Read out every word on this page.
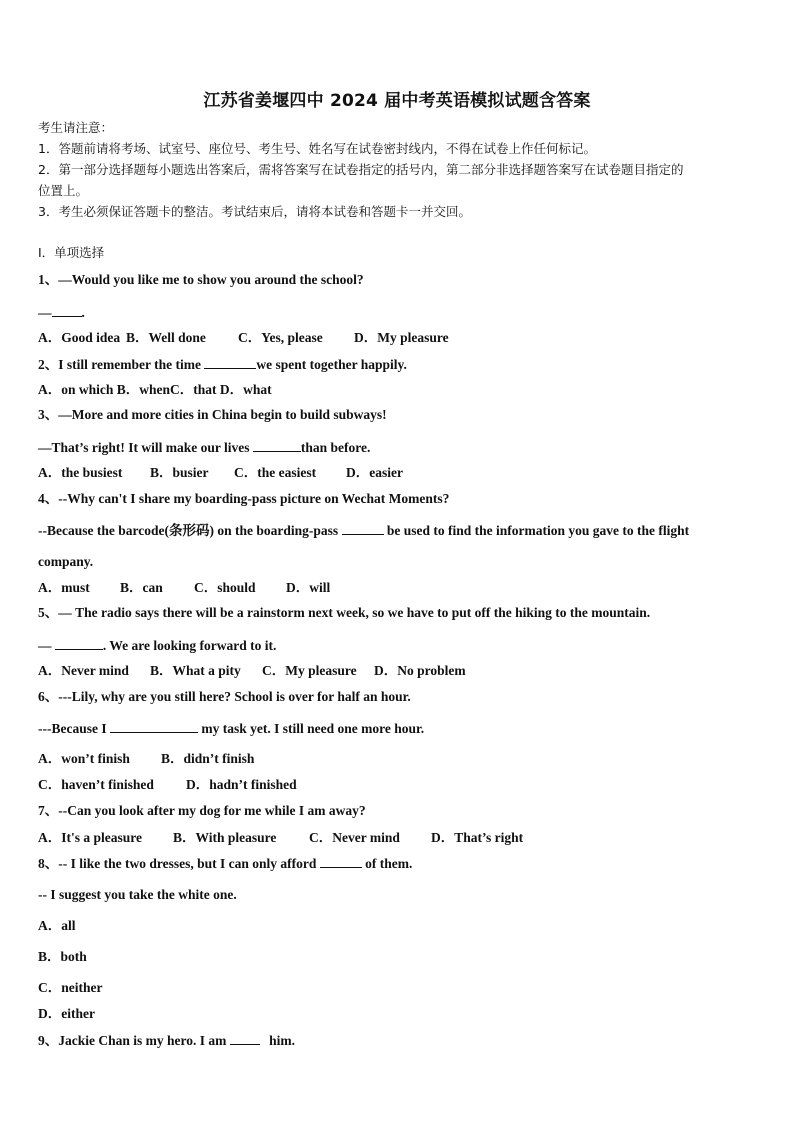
江苏省姜堰四中 2024 届中考英语模拟试题含答案
考生请注意：
1．答题前请将考场、试室号、座位号、考生号、姓名写在试卷密封线内，不得在试卷上作任何标记。
2．第一部分选择题每小题选出答案后，需将答案写在试卷指定的括号内，第二部分非选择题答案写在试卷题目指定的
位置上。
3．考生必须保证答题卡的整洁。考试结束后，请将本试卷和答题卡一并交回。
Ⅰ．单项选择
1、—Would you like me to show you around the school?
— .
A．Good idea B．Well done C．Yes, please D．My pleasure
2、I still remember the time	we spent together happily.
A．on which B．whenC．that D．what
3、—More and more cities in China begin to build subways!
—That’s right! It will make our lives	than before.
A．the busiest B．busier C．the easiest D．easier
4、--Why can't I share my boarding-pass picture on Wechat Moments?
--Because the barcode(条形码) on the boarding-pass	be used to find the information you gave to the flight
company.
A．must B．can C．should D．will
5、— The radio says there will be a rainstorm next week, so we have to put off the hiking to the mountain.
—	. We are looking forward to it.
A．Never mind B．What a pity C．My pleasure D．No problem
6、---Lily, why are you still here? School is over for half an hour.
---Because I	my task yet. I still need one more hour.
A．won’t finish B．didn’t finish
C．haven’t finished D．hadn’t finished
7、--Can you look after my dog for me while I am away?
A．It's a pleasure B．With pleasure C．Never mind D．That’s right
8、-- I like the two dresses, but I can only afford	of them.
-- I suggest you take the white one.
A．all
B．both
C．neither
D．either
9、Jackie Chan is my hero. I am	him.
